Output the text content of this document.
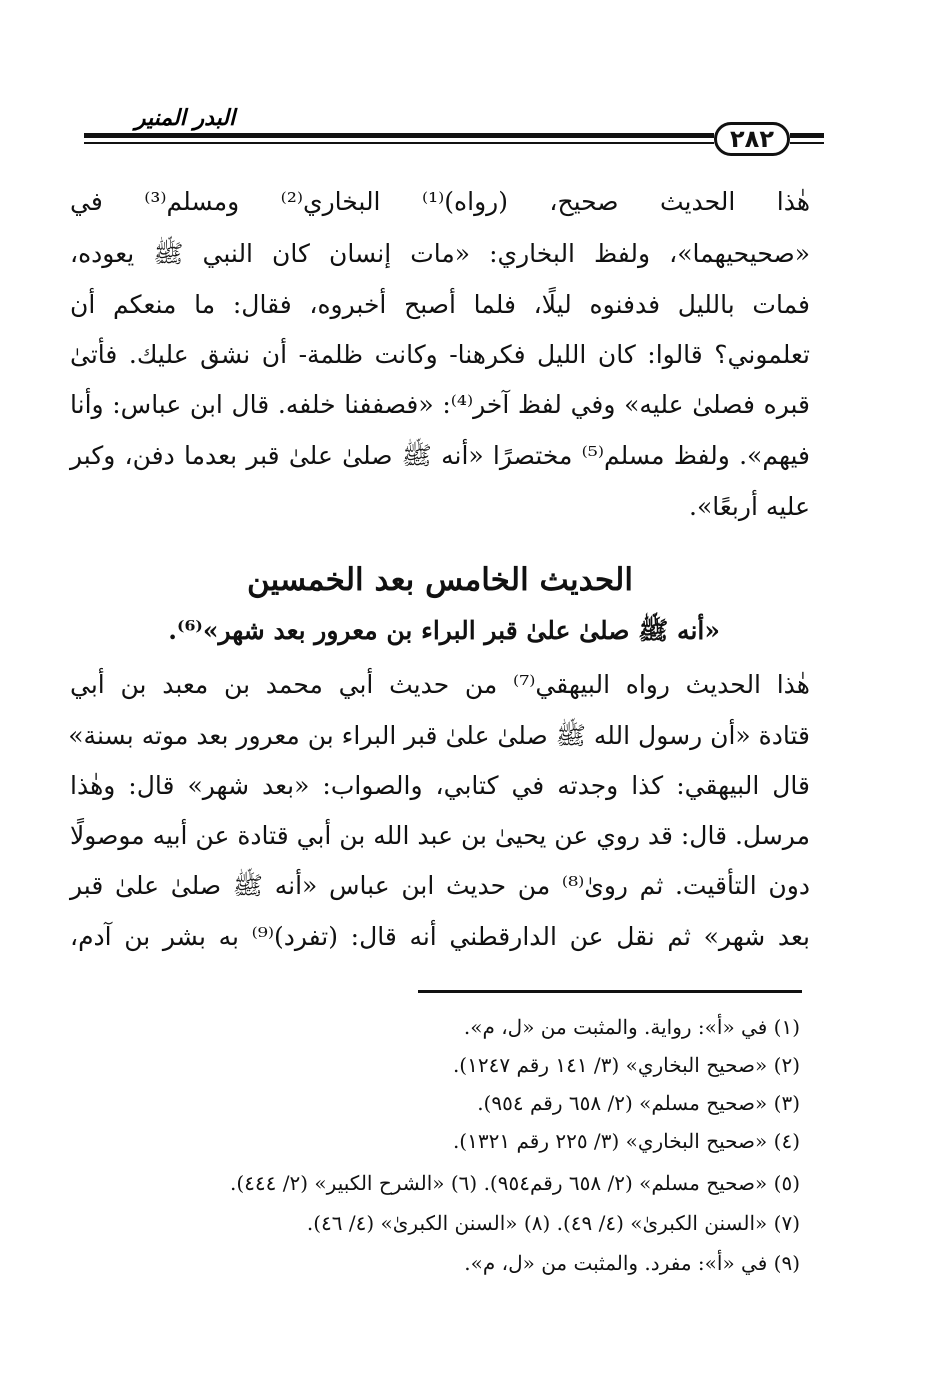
البدر المنير
٢٨٢
هٰذا الحديث صحيح، (رواه)⁽¹⁾ البخاري⁽²⁾ ومسلم⁽³⁾ في
«صحيحيهما»، ولفظ البخاري: «مات إنسان كان النبي ﷺ يعوده،
فمات بالليل فدفنوه ليلًا، فلما أصبح أخبروه، فقال: ما منعكم أن
تعلموني؟ قالوا: كان الليل فكرهنا- وكانت ظلمة- أن نشق عليك. فأتىٰ
قبره فصلىٰ عليه» وفي لفظ آخر⁽⁴⁾: «فصففنا خلفه. قال ابن عباس: وأنا
فيهم». ولفظ مسلم⁽⁵⁾ مختصرًا «أنه ﷺ صلىٰ علىٰ قبر بعدما دفن، وكبر
عليه أربعًا».
الحديث الخامس بعد الخمسين
«أنه ﷺ صلىٰ علىٰ قبر البراء بن معرور بعد شهر»⁽⁶⁾.
هٰذا الحديث رواه البيهقي⁽⁷⁾ من حديث أبي محمد بن معبد بن أبي
قتادة «أن رسول الله ﷺ صلىٰ علىٰ قبر البراء بن معرور بعد موته بسنة»
قال البيهقي: كذا وجدته في كتابي، والصواب: «بعد شهر» قال: وهٰذا
مرسل. قال: قد روي عن يحيىٰ بن عبد الله بن أبي قتادة عن أبيه موصولًا
دون التأقيت. ثم روىٰ⁽⁸⁾ من حديث ابن عباس «أنه ﷺ صلىٰ علىٰ قبر
بعد شهر» ثم نقل عن الدارقطني أنه قال: (تفرد)⁽⁹⁾ به بشر بن آدم،
(١) في «أ»: رواية. والمثبت من «ل، م».
(٢) «صحيح البخاري» (٣/ ١٤١ رقم ١٢٤٧).
(٣) «صحيح مسلم» (٢/ ٦٥٨ رقم ٩٥٤).
(٤) «صحيح البخاري» (٣/ ٢٢٥ رقم ١٣٢١).
(٥) «صحيح مسلم» (٢/ ٦٥٨ رقم٩٥٤). (٦) «الشرح الكبير» (٢/ ٤٤٤).
(٧) «السنن الكبرىٰ» (٤/ ٤٩). (٨) «السنن الكبرىٰ» (٤/ ٤٦).
(٩) في «أ»: مفرد. والمثبت من «ل، م».
